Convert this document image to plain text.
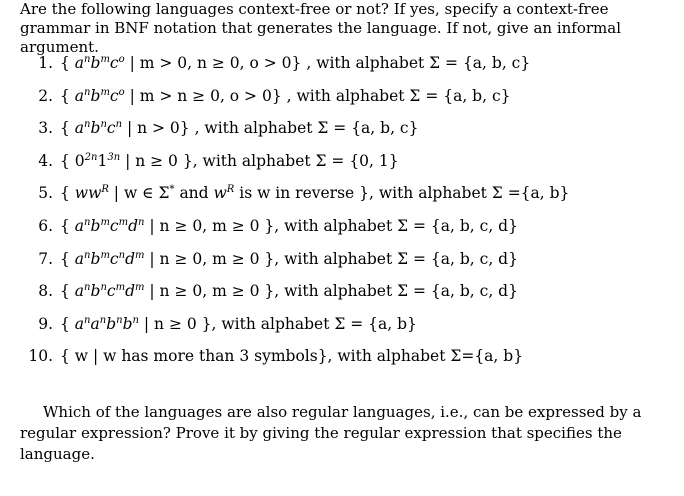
Are the following languages context-free or not? If yes, specify a context-free grammar in BNF notation that generates the language. If not, give an informal argument.

1. { $a^nb^mc^o$ | m > 0, n ≥ 0, o > 0} , with alphabet Σ = {a, b, c}
2. { $a^nb^mc^o$ | m > n ≥ 0, o > 0} , with alphabet Σ = {a, b, c}
3. { $a^nb^nc^n$ | n > 0} , with alphabet Σ = {a, b, c}
4. { $0^{2n}1^{3n}$ | n ≥ 0 }, with alphabet Σ = {0, 1}
5. { $ww^R$ | w ∈ Σ* and $w^R$ is w in reverse }, with alphabet Σ ={a, b}
6. { $a^nb^mc^md^n$ | n ≥ 0, m ≥ 0 }, with alphabet Σ = {a, b, c, d}
7. { $a^nb^mc^nd^m$ | n ≥ 0, m ≥ 0 }, with alphabet Σ = {a, b, c, d}
8. { $a^nb^nc^md^m$ | n ≥ 0, m ≥ 0 }, with alphabet Σ = {a, b, c, d}
9. { $a^na^nb^nb^n$ | n ≥ 0 }, with alphabet Σ = {a, b}
10. { w | w has more than 3 symbols}, with alphabet Σ={a, b}

Which of the languages are also regular languages, i.e., can be expressed by a regular expression? Prove it by giving the regular expression that specifies the language.
